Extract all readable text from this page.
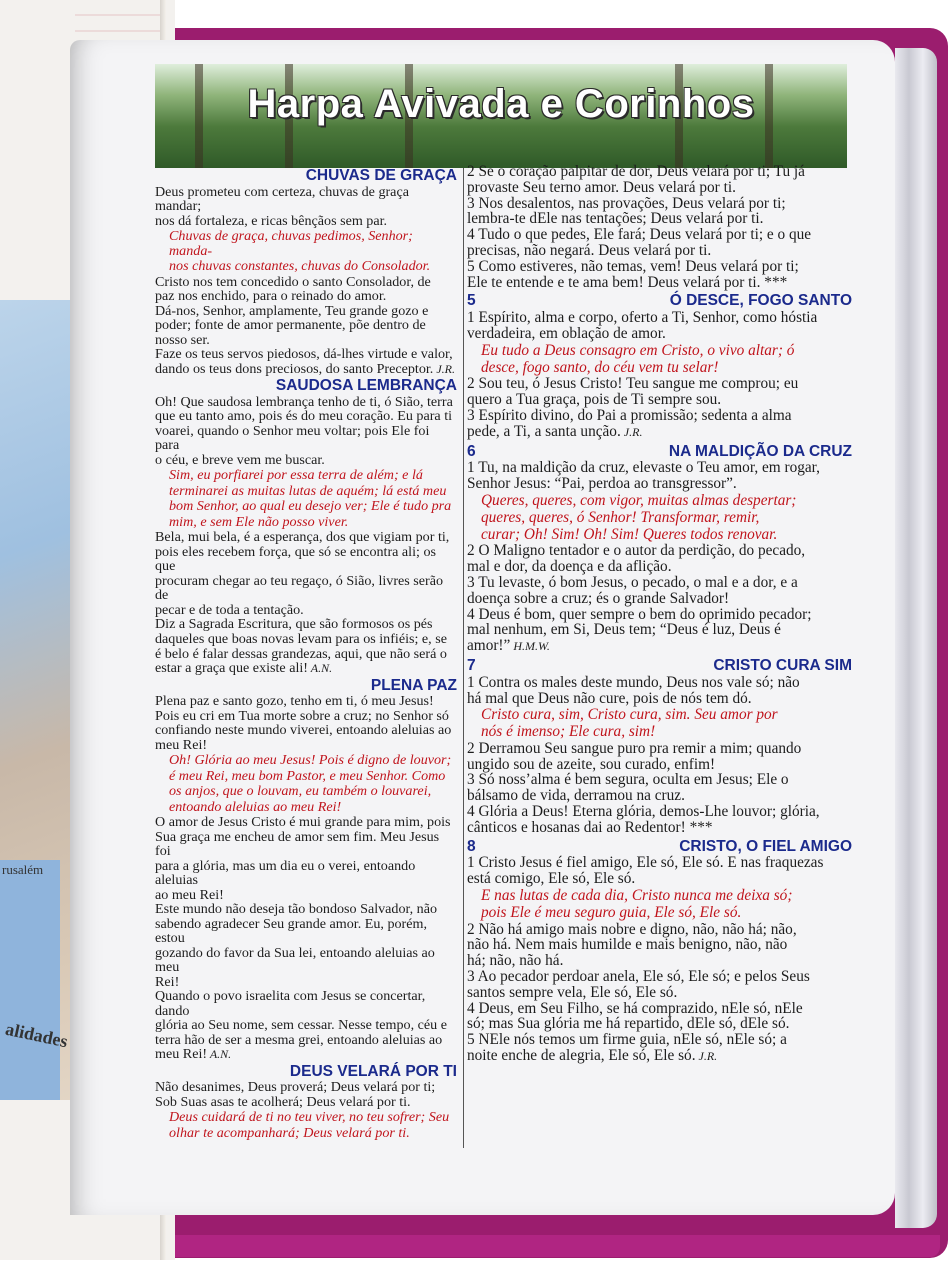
rusalém
alidades
Harpa Avivada e Corinhos
CHUVAS DE GRAÇA
Deus prometeu com certeza, chuvas de graça mandar;
nos dá fortaleza, e ricas bênçãos sem par.
Chuvas de graça, chuvas pedimos, Senhor; manda-
nos chuvas constantes, chuvas do Consolador.
Cristo nos tem concedido o santo Consolador, de
paz nos enchido, para o reinado do amor.
Dá-nos, Senhor, amplamente, Teu grande gozo e
poder; fonte de amor permanente, põe dentro de
nosso ser.
Faze os teus servos piedosos, dá-lhes virtude e valor,
dando os teus dons preciosos, do santo Preceptor. J.R.
SAUDOSA LEMBRANÇA
Oh! Que saudosa lembrança tenho de ti, ó Sião, terra
que eu tanto amo, pois és do meu coração. Eu para ti
voarei, quando o Senhor meu voltar; pois Ele foi para
o céu, e breve vem me buscar.
Sim, eu porfiarei por essa terra de além; e lá
terminarei as muitas lutas de aquém; lá está meu
bom Senhor, ao qual eu desejo ver; Ele é tudo pra
mim, e sem Ele não posso viver.
Bela, mui bela, é a esperança, dos que vigiam por ti,
pois eles recebem força, que só se encontra ali; os que
procuram chegar ao teu regaço, ó Sião, livres serão de
pecar e de toda a tentação.
Diz a Sagrada Escritura, que são formosos os pés
daqueles que boas novas levam para os infiéis; e, se
é belo é falar dessas grandezas, aqui, que não será o
estar a graça que existe ali! A.N.
PLENA PAZ
Plena paz e santo gozo, tenho em ti, ó meu Jesus!
Pois eu cri em Tua morte sobre a cruz; no Senhor só
confiando neste mundo viverei, entoando aleluias ao
meu Rei!
Oh! Glória ao meu Jesus! Pois é digno de louvor;
é meu Rei, meu bom Pastor, e meu Senhor. Como
os anjos, que o louvam, eu também o louvarei,
entoando aleluias ao meu Rei!
O amor de Jesus Cristo é mui grande para mim, pois
Sua graça me encheu de amor sem fim. Meu Jesus foi
para a glória, mas um dia eu o verei, entoando aleluias
ao meu Rei!
Este mundo não deseja tão bondoso Salvador, não
sabendo agradecer Seu grande amor. Eu, porém, estou
gozando do favor da Sua lei, entoando aleluias ao meu
Rei!
Quando o povo israelita com Jesus se concertar, dando
glória ao Seu nome, sem cessar. Nesse tempo, céu e
terra hão de ser a mesma grei, entoando aleluias ao
meu Rei! A.N.
DEUS VELARÁ POR TI
Não desanimes, Deus proverá; Deus velará por ti;
Sob Suas asas te acolherá; Deus velará por ti.
Deus cuidará de ti no teu viver, no teu sofrer; Seu
olhar te acompanhará; Deus velará por ti.
2 Se o coração palpitar de dor, Deus velará por ti; Tu já
provaste Seu terno amor. Deus velará por ti.
3 Nos desalentos, nas provações, Deus velará por ti;
lembra-te dEle nas tentações; Deus velará por ti.
4 Tudo o que pedes, Ele fará; Deus velará por ti; e o que
precisas, não negará. Deus velará por ti.
5 Como estiveres, não temas, vem! Deus velará por ti;
Ele te entende e te ama bem! Deus velará por ti. ***
5	Ó DESCE, FOGO SANTO
1 Espírito, alma e corpo, oferto a Ti, Senhor, como hóstia
verdadeira, em oblação de amor.
Eu tudo a Deus consagro em Cristo, o vivo altar; ó
desce, fogo santo, do céu vem tu selar!
2 Sou teu, ó Jesus Cristo! Teu sangue me comprou; eu
quero a Tua graça, pois de Ti sempre sou.
3 Espírito divino, do Pai a promissão; sedenta a alma
pede, a Ti, a santa unção. J.R.
6	NA MALDIÇÃO DA CRUZ
1 Tu, na maldição da cruz, elevaste o Teu amor, em rogar,
Senhor Jesus: “Pai, perdoa ao transgressor”.
Queres, queres, com vigor, muitas almas despertar;
queres, queres, ó Senhor! Transformar, remir,
curar; Oh! Sim! Oh! Sim! Queres todos renovar.
2 O Maligno tentador e o autor da perdição, do pecado,
mal e dor, da doença e da aflição.
3 Tu levaste, ó bom Jesus, o pecado, o mal e a dor, e a
doença sobre a cruz; és o grande Salvador!
4 Deus é bom, quer sempre o bem do oprimido pecador;
mal nenhum, em Si, Deus tem; “Deus é luz, Deus é
amor!” H.M.W.
7	CRISTO CURA SIM
1 Contra os males deste mundo, Deus nos vale só; não
há mal que Deus não cure, pois de nós tem dó.
Cristo cura, sim, Cristo cura, sim. Seu amor por
nós é imenso; Ele cura, sim!
2 Derramou Seu sangue puro pra remir a mim; quando
ungido sou de azeite, sou curado, enfim!
3 Só noss’alma é bem segura, oculta em Jesus; Ele o
bálsamo de vida, derramou na cruz.
4 Glória a Deus! Eterna glória, demos-Lhe louvor; glória,
cânticos e hosanas dai ao Redentor! ***
8	CRISTO, O FIEL AMIGO
1 Cristo Jesus é fiel amigo, Ele só, Ele só. E nas fraquezas
está comigo, Ele só, Ele só.
E nas lutas de cada dia, Cristo nunca me deixa só;
pois Ele é meu seguro guia, Ele só, Ele só.
2 Não há amigo mais nobre e digno, não, não há; não,
não há. Nem mais humilde e mais benigno, não, não
há; não, não há.
3 Ao pecador perdoar anela, Ele só, Ele só; e pelos Seus
santos sempre vela, Ele só, Ele só.
4 Deus, em Seu Filho, se há comprazido, nEle só, nEle
só; mas Sua glória me há repartido, dEle só, dEle só.
5 NEle nós temos um firme guia, nEle só, nEle só; a
noite enche de alegria, Ele só, Ele só. J.R.
